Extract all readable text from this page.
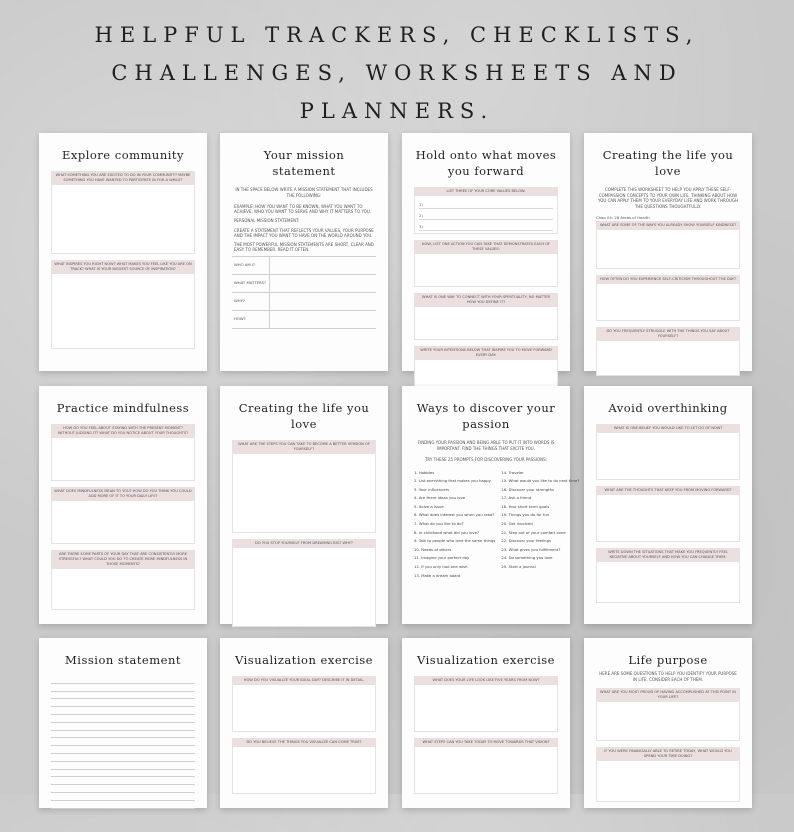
HELPFUL TRACKERS, CHECKLISTS,
CHALLENGES, WORKSHEETS AND
PLANNERS.
Explore community
WHAT SOMETHING YOU ARE EXCITED TO DO IN YOUR COMMUNITY? MAYBE SOMETHING YOU HAVE WANTED TO PARTICIPATE IN FOR A WHILE?
WHAT INSPIRES YOU RIGHT NOW? WHAT MAKES YOU FEEL LIKE YOU ARE ON TRACK? WHAT IS YOUR BIGGEST SOURCE OF INSPIRATION?
Your mission statement
IN THE SPACE BELOW WRITE A MISSION STATEMENT THAT INCLUDES THE FOLLOWING:
EXAMPLE: HOW YOU WANT TO BE KNOWN, WHAT YOU WANT TO ACHIEVE, WHO YOU WANT TO SERVE AND WHY IT MATTERS TO YOU.
PERSONAL MISSION STATEMENT:
CREATE A STATEMENT THAT REFLECTS YOUR VALUES, YOUR PURPOSE AND THE IMPACT YOU WANT TO HAVE ON THE WORLD AROUND YOU.
THE MOST POWERFUL MISSION STATEMENTS ARE SHORT, CLEAR AND EASY TO REMEMBER. READ IT OFTEN.
WHO AM I?
WHAT MATTERS?
WHY?
HOW?
Hold onto what moves you forward
LIST THREE OF YOUR CORE VALUES BELOW:
1)
2)
3)
NOW, LIST ONE ACTION YOU CAN TAKE THAT DEMONSTRATES EACH OF THESE VALUES:
WHAT IS ONE WAY TO CONNECT WITH YOUR SPIRITUALITY, NO MATTER HOW YOU DEFINE IT?
WRITE YOUR INTENTIONS BELOW THAT INSPIRE YOU TO MOVE FORWARD EVERY DAY:
Creating the life you love
COMPLETE THIS WORKSHEET TO HELP YOU APPLY THESE SELF-COMPASSION CONCEPTS TO YOUR OWN LIFE. THINKING ABOUT HOW YOU CAN APPLY THEM TO YOUR EVERYDAY LIFE AND WORK THROUGH THE QUESTIONS THOUGHTFULLY.
Chap 04: 28 Areas of Health
WHAT ARE SOME OF THE WAYS YOU ALREADY SHOW YOURSELF KINDNESS?
HOW OFTEN DO YOU EXPERIENCE SELF-CRITICISM THROUGHOUT THE DAY?
DO YOU FREQUENTLY STRUGGLE WITH THE THINGS YOU SAY ABOUT YOURSELF?
Practice mindfulness
HOW DO YOU FEEL ABOUT STAYING WITH THE PRESENT MOMENT? WITHOUT JUDGING IT? WHAT DO YOU NOTICE ABOUT YOUR THOUGHTS?
WHAT DOES MINDFULNESS MEAN TO YOU? HOW DO YOU THINK YOU COULD ADD MORE OF IT TO YOUR DAILY LIFE?
ARE THERE SOME PARTS OF YOUR DAY THAT ARE CONSISTENTLY MORE STRESSFUL? WHAT COULD YOU DO TO CREATE MORE MINDFULNESS IN THOSE MOMENTS?
Creating the life you love
WHAT ARE THE STEPS YOU CAN TAKE TO BECOME A BETTER VERSION OF YOURSELF?
DO YOU STOP YOURSELF FROM DREAMING BIG? WHY?
Ways to discover your passion
FINDING YOUR PASSION AND BEING ABLE TO PUT IT INTO WORDS IS IMPORTANT. FIND THE THINGS THAT EXCITE YOU.
TRY THESE 25 PROMPTS FOR DISCOVERING YOUR PASSIONS:
1. Hobbies
2. List everything that makes you happy
3. Your influencers
4. Are there ideas you love
5. Solve a issue
6. What does interest you when you read?
7. What do you like to do?
8. In childhood what did you love?
9. Talk to people who love the same things
10. Needs of others
11. Imagine your perfect day
12. If you only had one wish
13. Make a dream board
14. Traveler
15. What would you like to do next time?
16. Discover your strengths
17. Ask a friend
18. Your short term goals
19. Things you do for fun
20. Get involved
21. Step out of your comfort zone
22. Discover your feelings
23. What gives you fulfillment?
24. Do something you love
25. Start a journal
Avoid overthinking
WHAT IS ONE BELIEF YOU WOULD LIKE TO LET GO OF NOW?
WHAT ARE THE THOUGHTS THAT KEEP YOU FROM MOVING FORWARD?
WRITE DOWN THE SITUATIONS THAT MAKE YOU FREQUENTLY FEEL NEGATIVE ABOUT YOURSELF AND HOW YOU CAN CHANGE THEM.
Mission statement	Visualization exercise
HOW DO YOU VISUALIZE YOUR IDEAL DAY? DESCRIBE IT IN DETAIL.
DO YOU BELIEVE THE THINGS YOU VISUALIZE CAN COME TRUE?
Visualization exercise
WHAT DOES YOUR LIFE LOOK LIKE FIVE YEARS FROM NOW?
WHAT STEPS CAN YOU TAKE TODAY TO MOVE TOWARDS THAT VISION?
Life purpose
HERE ARE SOME QUESTIONS TO HELP YOU IDENTIFY YOUR PURPOSE IN LIFE. CONSIDER EACH OF THEM.
WHAT ARE YOU MOST PROUD OF HAVING ACCOMPLISHED AT THIS POINT IN YOUR LIFE?
IF YOU WERE FINANCIALLY ABLE TO RETIRE TODAY, WHAT WOULD YOU SPEND YOUR TIME DOING?
